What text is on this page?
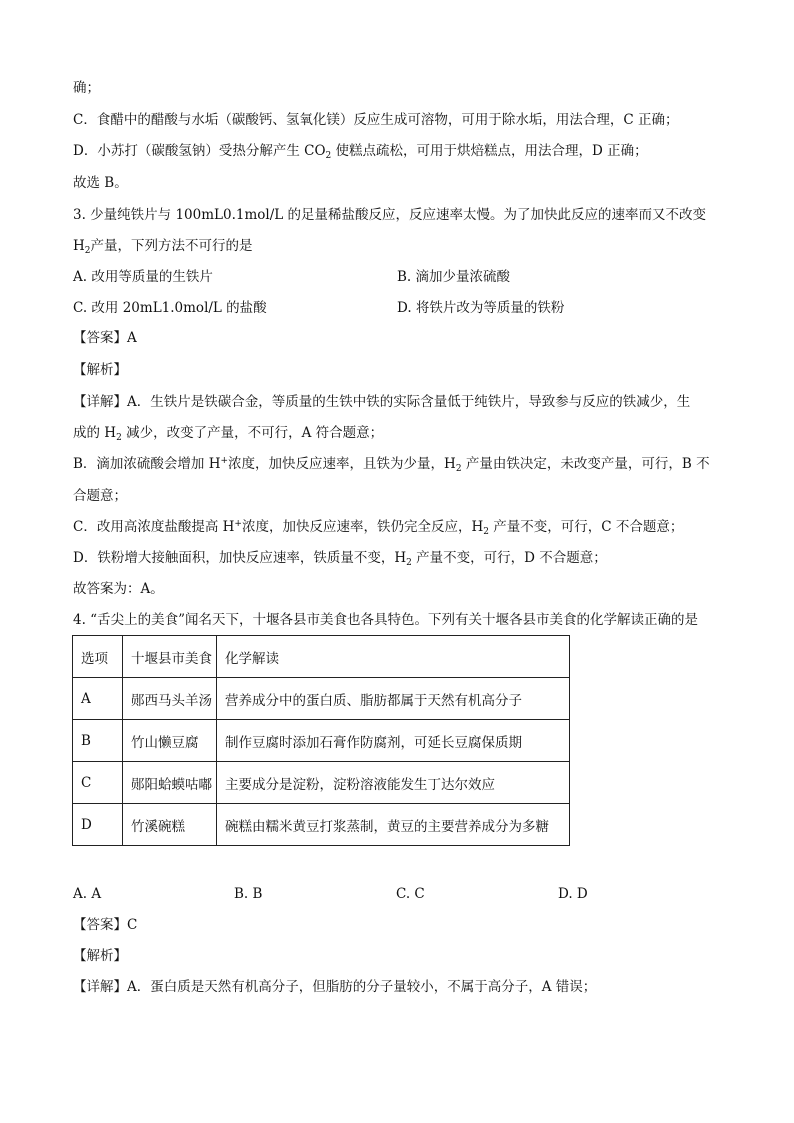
确；
C．食醋中的醋酸与水垢（碳酸钙、氢氧化镁）反应生成可溶物，可用于除水垢，用法合理，C 正确；
D．小苏打（碳酸氢钠）受热分解产生 $CO_2$ 使糕点疏松，可用于烘焙糕点，用法合理，D 正确；
故选 B。
3. 少量纯铁片与 100mL0.1mol/L 的足量稀盐酸反应，反应速率太慢。为了加快此反应的速率而又不改变
$H_2$产量，下列方法不可行的是
A. 改用等质量的生铁片	B. 滴加少量浓硫酸
C. 改用 20mL1.0mol/L 的盐酸	D. 将铁片改为等质量的铁粉
【答案】A
【解析】
【详解】A．生铁片是铁碳合金，等质量的生铁中铁的实际含量低于纯铁片，导致参与反应的铁减少，生
成的 $H_2$ 减少，改变了产量，不可行，A 符合题意；
B．滴加浓硫酸会增加 H+浓度，加快反应速率，且铁为少量，$H_2$ 产量由铁决定，未改变产量，可行，B 不
合题意；
C．改用高浓度盐酸提高 H+浓度，加快反应速率，铁仍完全反应，$H_2$ 产量不变，可行，C 不合题意；
D．铁粉增大接触面积，加快反应速率，铁质量不变，$H_2$ 产量不变，可行，D 不合题意；
故答案为：A。
4. “舌尖上的美食”闻名天下，十堰各县市美食也各具特色。下列有关十堰各县市美食的化学解读正确的是
选项	十堰县市美食	化学解读
A	郧西马头羊汤	营养成分中的蛋白质、脂肪都属于天然有机高分子
B	竹山懒豆腐	制作豆腐时添加石膏作防腐剂，可延长豆腐保质期
C	郧阳蛤蟆咕嘟	主要成分是淀粉，淀粉溶液能发生丁达尔效应
D	竹溪碗糕	碗糕由糯米黄豆打浆蒸制，黄豆的主要营养成分为多糖
A. A	B. B	C. C	D. D
【答案】C
【解析】
【详解】A．蛋白质是天然有机高分子，但脂肪的分子量较小，不属于高分子，A 错误；
